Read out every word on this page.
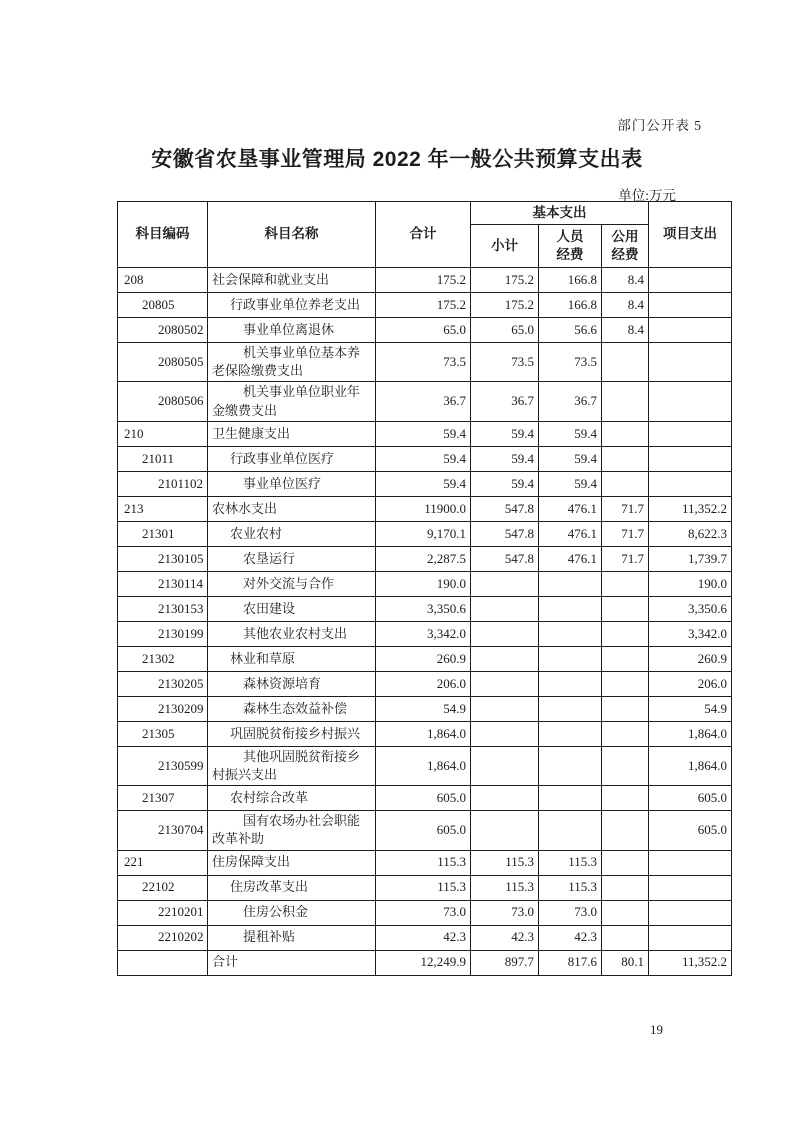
部门公开表 5
安徽省农垦事业管理局 2022 年一般公共预算支出表
单位:万元
科目编码	科目名称	合计	基本支出			项目支出
			小计	人员经费	公用经费	
208	社会保障和就业支出	175.2	175.2	166.8	8.4	
20805	行政事业单位养老支出	175.2	175.2	166.8	8.4	
2080502	事业单位离退休	65.0	65.0	56.6	8.4	
2080505	机关事业单位基本养老保险缴费支出	73.5	73.5	73.5		
2080506	机关事业单位职业年金缴费支出	36.7	36.7	36.7		
210	卫生健康支出	59.4	59.4	59.4		
21011	行政事业单位医疗	59.4	59.4	59.4		
2101102	事业单位医疗	59.4	59.4	59.4		
213	农林水支出	11900.0	547.8	476.1	71.7	11,352.2
21301	农业农村	9,170.1	547.8	476.1	71.7	8,622.3
2130105	农垦运行	2,287.5	547.8	476.1	71.7	1,739.7
2130114	对外交流与合作	190.0				190.0
2130153	农田建设	3,350.6				3,350.6
2130199	其他农业农村支出	3,342.0				3,342.0
21302	林业和草原	260.9				260.9
2130205	森林资源培育	206.0				206.0
2130209	森林生态效益补偿	54.9				54.9
21305	巩固脱贫衔接乡村振兴	1,864.0				1,864.0
2130599	其他巩固脱贫衔接乡村振兴支出	1,864.0				1,864.0
21307	农村综合改革	605.0				605.0
2130704	国有农场办社会职能改革补助	605.0				605.0
221	住房保障支出	115.3	115.3	115.3		
22102	住房改革支出	115.3	115.3	115.3		
2210201	住房公积金	73.0	73.0	73.0		
2210202	提租补贴	42.3	42.3	42.3		
	合计	12,249.9	897.7	817.6	80.1	11,352.2
19
